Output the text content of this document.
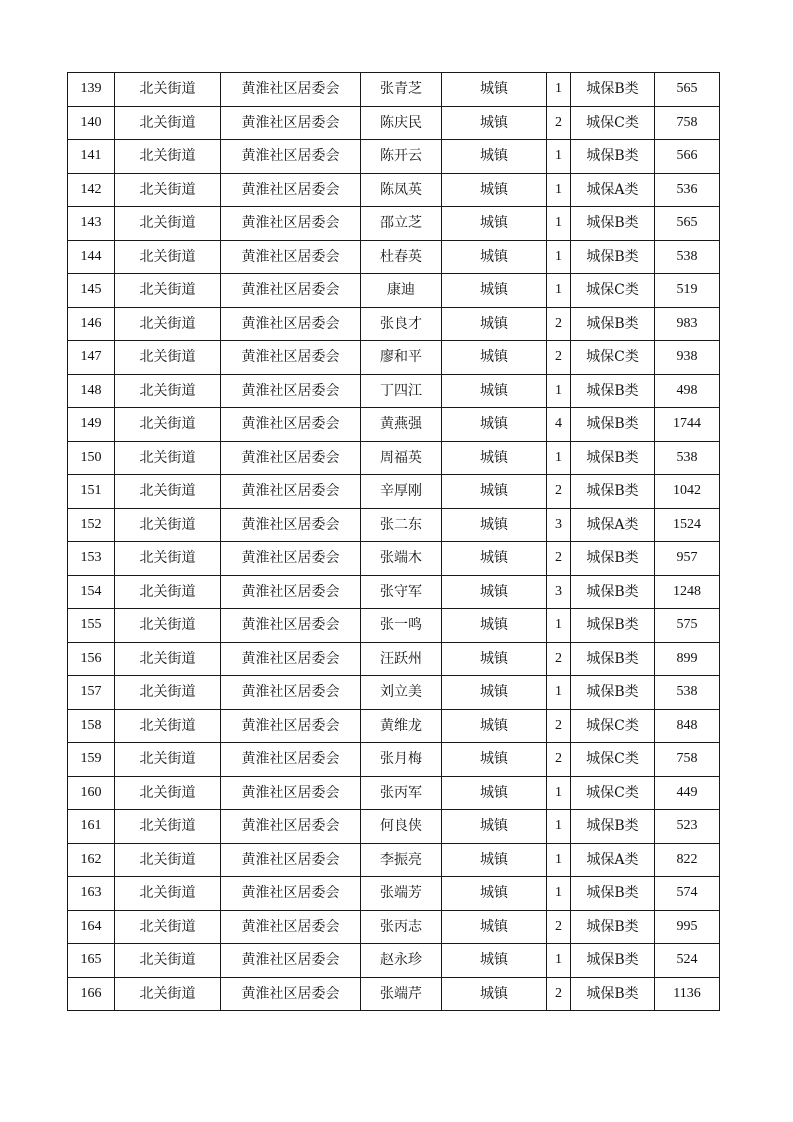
139	北关街道	黄淮社区居委会	张青芝	城镇	1	城保B类	565
140	北关街道	黄淮社区居委会	陈庆民	城镇	2	城保C类	758
141	北关街道	黄淮社区居委会	陈开云	城镇	1	城保B类	566
142	北关街道	黄淮社区居委会	陈凤英	城镇	1	城保A类	536
143	北关街道	黄淮社区居委会	邵立芝	城镇	1	城保B类	565
144	北关街道	黄淮社区居委会	杜春英	城镇	1	城保B类	538
145	北关街道	黄淮社区居委会	康迪	城镇	1	城保C类	519
146	北关街道	黄淮社区居委会	张良才	城镇	2	城保B类	983
147	北关街道	黄淮社区居委会	廖和平	城镇	2	城保C类	938
148	北关街道	黄淮社区居委会	丁四江	城镇	1	城保B类	498
149	北关街道	黄淮社区居委会	黄燕强	城镇	4	城保B类	1744
150	北关街道	黄淮社区居委会	周福英	城镇	1	城保B类	538
151	北关街道	黄淮社区居委会	辛厚刚	城镇	2	城保B类	1042
152	北关街道	黄淮社区居委会	张二东	城镇	3	城保A类	1524
153	北关街道	黄淮社区居委会	张端木	城镇	2	城保B类	957
154	北关街道	黄淮社区居委会	张守军	城镇	3	城保B类	1248
155	北关街道	黄淮社区居委会	张一鸣	城镇	1	城保B类	575
156	北关街道	黄淮社区居委会	汪跃州	城镇	2	城保B类	899
157	北关街道	黄淮社区居委会	刘立美	城镇	1	城保B类	538
158	北关街道	黄淮社区居委会	黄维龙	城镇	2	城保C类	848
159	北关街道	黄淮社区居委会	张月梅	城镇	2	城保C类	758
160	北关街道	黄淮社区居委会	张丙军	城镇	1	城保C类	449
161	北关街道	黄淮社区居委会	何良侠	城镇	1	城保B类	523
162	北关街道	黄淮社区居委会	李振亮	城镇	1	城保A类	822
163	北关街道	黄淮社区居委会	张端芳	城镇	1	城保B类	574
164	北关街道	黄淮社区居委会	张丙志	城镇	2	城保B类	995
165	北关街道	黄淮社区居委会	赵永珍	城镇	1	城保B类	524
166	北关街道	黄淮社区居委会	张端芹	城镇	2	城保B类	1136
